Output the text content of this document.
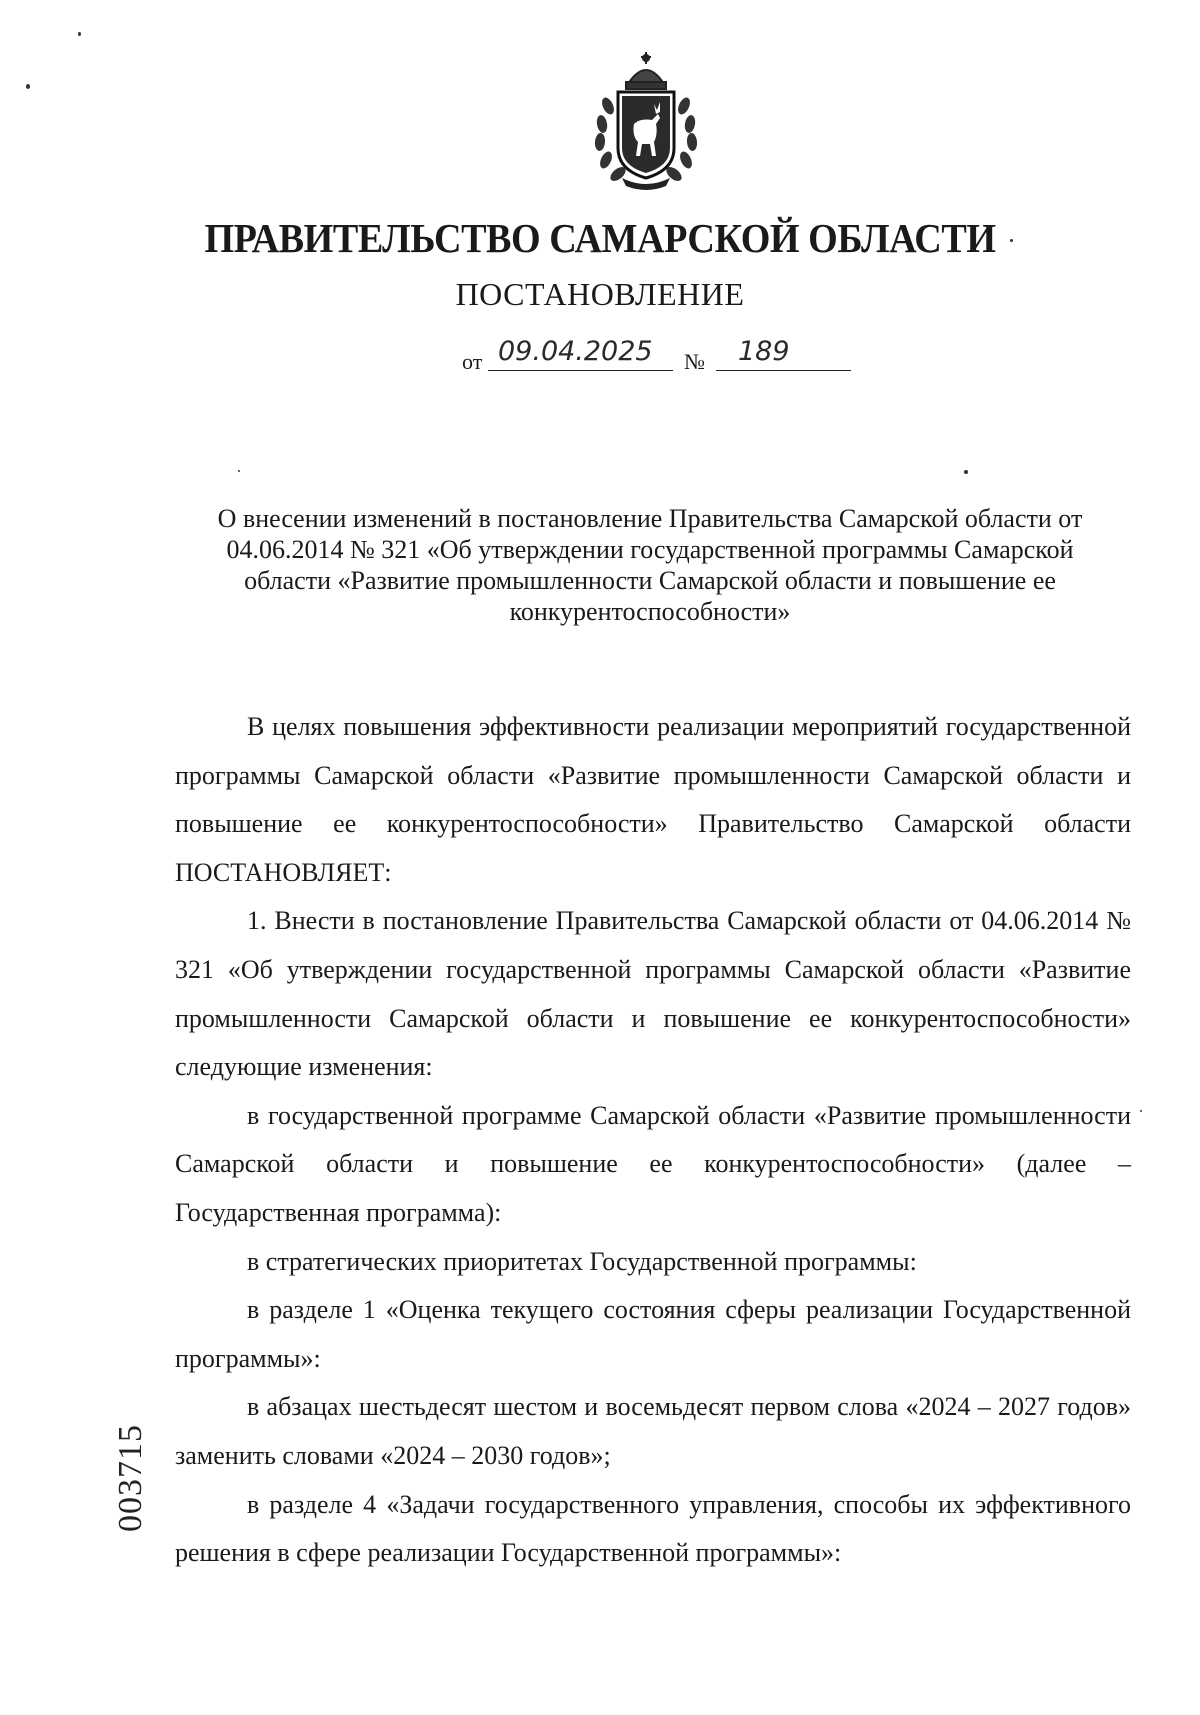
ПРАВИТЕЛЬСТВО САМАРСКОЙ ОБЛАСТИ
ПОСТАНОВЛЕНИЕ
от 09.04.2025 № 189
О внесении изменений в постановление Правительства Самарской области от 04.06.2014 № 321 «Об утверждении государственной программы Самарской области «Развитие промышленности Самарской области и повышение ее конкурентоспособности»

В целях повышения эффективности реализации мероприятий государственной программы Самарской области «Развитие промышленности Самарской области и повышение ее конкурентоспособности» Правительство Самарской области ПОСТАНОВЛЯЕТ:

1. Внести в постановление Правительства Самарской области от 04.06.2014 № 321 «Об утверждении государственной программы Самарской области «Развитие промышленности Самарской области и повышение ее конкурентоспособности» следующие изменения:

в государственной программе Самарской области «Развитие промышленности Самарской области и повышение ее конкурентоспособности» (далее – Государственная программа):

в стратегических приоритетах Государственной программы:

в разделе 1 «Оценка текущего состояния сферы реализации Государственной программы»:

в абзацах шестьдесят шестом и восемьдесят первом слова «2024 – 2027 годов» заменить словами «2024 – 2030 годов»;

в разделе 4 «Задачи государственного управления, способы их эффективного решения в сфере реализации Государственной программы»:

003715
